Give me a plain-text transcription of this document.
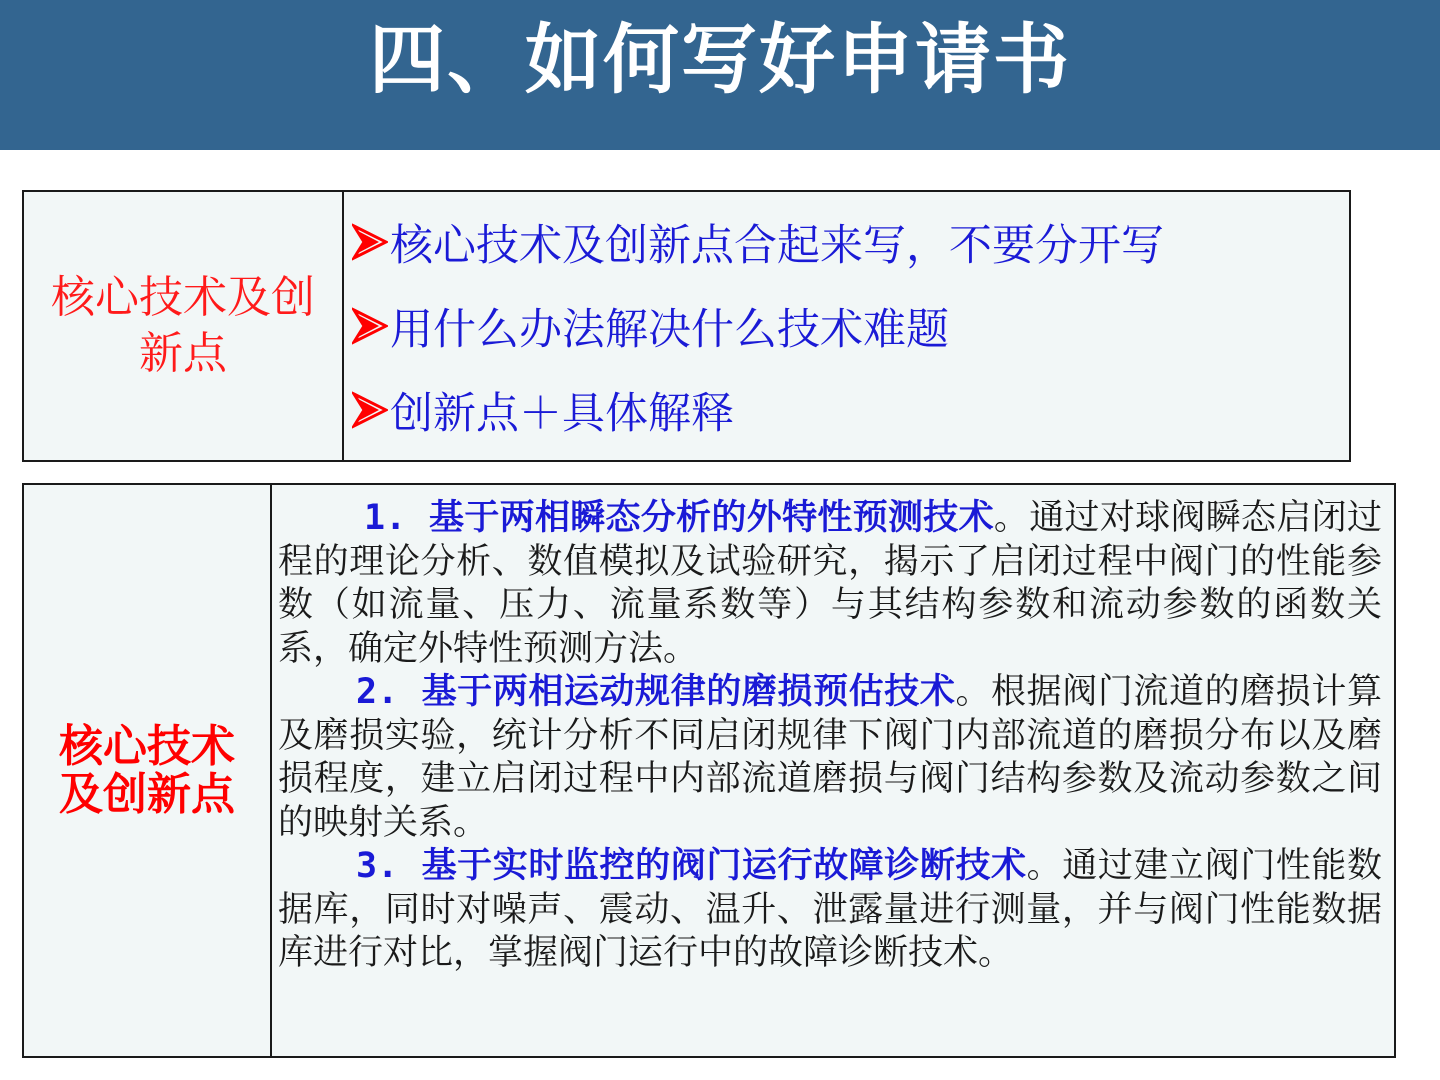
四、如何写好申请书
核心技术及创新点

核心技术及创新点合起来写，不要分开写
用什么办法解决什么技术难题
创新点＋具体解释
核心技术及创新点

1. 基于两相瞬态分析的外特性预测技术。通过对球阀瞬态启闭过程的理论分析、数值模拟及试验研究，揭示了启闭过程中阀门的性能参数（如流量、压力、流量系数等）与其结构参数和流动参数的函数关系，确定外特性预测方法。

2. 基于两相运动规律的磨损预估技术。根据阀门流道的磨损计算及磨损实验，统计分析不同启闭规律下阀门内部流道的磨损分布以及磨损程度，建立启闭过程中内部流道磨损与阀门结构参数及流动参数之间的映射关系。

3. 基于实时监控的阀门运行故障诊断技术。通过建立阀门性能数据库，同时对噪声、震动、温升、泄露量进行测量，并与阀门性能数据库进行对比，掌握阀门运行中的故障诊断技术。
